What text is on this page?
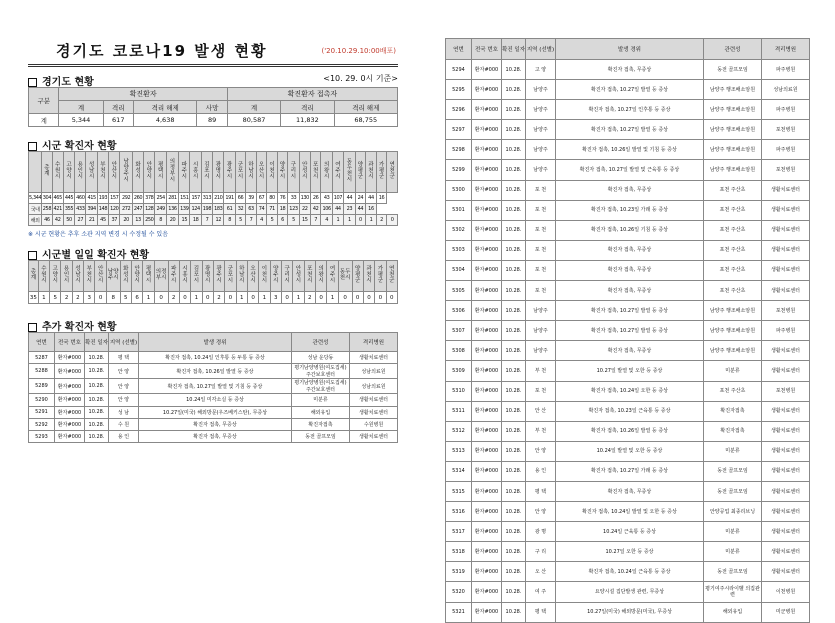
경기도 코로나19 발생 현황	('20.10.29.10:00배포)
경기도 현황	<10. 29. 0시 기준>
구분	확진환자				확진환자 접촉자		
	계	격리	격리 해제	사망	계	격리	격리 해제
계	5,344	617	4,638	89	80,587	11,832	68,755
시군 확진자 현황
	총계	수원시	고양시	용인시	성남시	부천시	안산시	남양주시	화성시	안양시	평택시	의정부시	파주시	시흥시	김포시	광명시	광주시	군포시	하남시	오산시	이천시	양주시	구리시	안성시	포천시	의왕시	여주시	동두천시	양평군	과천시	가평군	연천군
5,344	304	465	445	460	415	193	157	292	260	378	254	281	151	157	313	210	191	66	39	67	80	76	33	130	26	43	107	44	24	44	16	
국내	258	421	355	433	394	148	120	272	247	128	249	136	139	124	198	183	61	32	63	74	71	18	123	22	42	106	44	23	44	16		
해외	46	42	50	27	21	45	37	20	13	250	8	20	15	18	7	12	8	5	7	4	5	6	5	15	7	4	1	1	0	1	2	0
※ 시군 현황은 추후 소관 지역 변경 시 수정될 수 있음
시군별 일일 확진자 현황
총계	수원시	고양시	용인시	성남시	부천시	안산시	남양주시	화성시	안양시	평택시	의정부시	파주시	시흥시	김포시	광명시	광주시	군포시	하남시	오산시	이천시	양주시	구리시	안성시	포천시	의왕시	여주시	동두천시	양평군	과천시	가평군	연천군
35	1	5	2	2	3	0	8	5	6	1	0	2	0	1	0	2	0	1	0	1	3	0	1	2	0	1	0	0	0	0	0
추가 확진자 현황
연번	전국 번호	확진 일자	지역 (선별)	발생 경위	관련성	격리병원
5287	환자#000	10.28.	평 택	확진자 접촉, 10.24일 인후통 등 두통 등 증상	성남 운당동	생활치료센터
5288	환자#000	10.28.	안 양	확진자 접촉, 10.26일 발열 등 증상	평기남양병원(여도집세)주간보호센터	성남의료원
5289	환자#000	10.28.	안 양	확진자 접촉, 10.27일 발열 및 기침 등 증상	평기남양병원(여도집세)주간보호센터	성남의료원
5290	환자#000	10.28.	안 양	10.24일 미각소실 등 증상	미분류	생활치료센터
5291	환자#000	10.28.	성 남	10.27일(미국) 해외방문(우즈베키스탄), 무증상	해외유입	생활치료센터
5292	환자#000	10.28.	수 원	확진자 접촉, 무증상	확진자접촉	수원병원
5293	환자#000	10.28.	용 인	확진자 접촉, 무증상	동전 골프모임	생활치료센터
연번	전국 번호	확진 일자	지역 (선별)	발생 경위	관련성	격리병원
5294	환자#000	10.28.	고 양	확진자 접촉, 무증상	동전 골프모임	파주병원
5295	환자#000	10.28.	남양주	확진자 접촉, 10.27일 발열 등 증상	남양주 행조배소암원	성남의료원
5296	환자#000	10.28.	남양주	확진자 접촉, 10.27일 인후통 등 증상	남양주 행조배소암원	파주병원
5297	환자#000	10.28.	남양주	확진자 접촉, 10.27일 발열 등 증상	남양주 행조배소암원	포천병원
5298	환자#000	10.28.	남양주	확진자 접촉, 10.26일 발열 및 기침 등 증상	남양주 행조배소암원	파주병원
5299	환자#000	10.28.	남양주	확진자 접촉, 10.27일 발열 및 근육통 등 증상	남양주 행조배소암원	포천병원
5300	환자#000	10.28.	포 천	확진자 접촉, 무증상	포천 주산초	생활치료센터
5301	환자#000	10.28.	포 천	확진자 접촉, 10.23일 가래 등 증상	포천 주산초	생활치료센터
5302	환자#000	10.28.	포 천	확진자 접촉, 10.26일 기침 등 증상	포천 주산초	생활치료센터
5303	환자#000	10.28.	포 천	확진자 접촉, 무증상	포천 주산초	생활치료센터
5304	환자#000	10.28.	포 천	확진자 접촉, 무증상	포천 주산초	생활치료센터
5305	환자#000	10.28.	포 천	확진자 접촉, 무증상	포천 주산초	생활치료센터
5306	환자#000	10.28.	남양주	확진자 접촉, 10.27일 발열 등 증상	남양주 행조배소암원	포천병원
5307	환자#000	10.28.	남양주	확진자 접촉, 10.27일 발열 등 증상	남양주 행조배소암원	파주병원
5308	환자#000	10.28.	남양주	확진자 접촉, 무증상	남양주 행조배소암원	생활치료센터
5309	환자#000	10.28.	부 천	10.27일 발열 및 오한 등 증상	미분류	생활치료센터
5310	환자#000	10.28.	포 천	확진자 접촉, 10.24일 오한 등 증상	포천 주산초	포천병원
5311	환자#000	10.28.	안 산	확진자 접촉, 10.23일 근육통 등 증상	확진자접촉	생활치료센터
5312	환자#000	10.28.	부 천	확진자 접촉, 10.26일 발열 등 증상	확진자접촉	생활치료센터
5313	환자#000	10.28.	안 양	10.24일 발열 및 오한 등 증상	미분류	생활치료센터
5314	환자#000	10.28.	용 인	확진자 접촉, 10.27일 가래 등 증상	동전 골프모임	생활치료센터
5315	환자#000	10.28.	평 택	확진자 접촉, 무증상	동전 골프모임	생활치료센터
5316	환자#000	10.28.	안 양	확진자 접촉, 10.24일 발열 및 오한 등 증상	안양공업 최종리브닝	생활치료센터
5317	환자#000	10.28.	광 명	10.24일 근육통 등 증상	미분류	생활치료센터
5318	환자#000	10.28.	구 리	10.27일 오한 등 증상	미분류	생활치료센터
5319	환자#000	10.28.	오 산	확진자 접촉, 10.24일 근육통 등 증상	동전 골프모임	생활치료센터
5320	환자#000	10.28.	여 주	요양시설 집단발생 관련, 무증상	평기여주시라이벨 의집관련	이천병원
5321	환자#000	10.28.	평 택	10.27일(미국) 해외방문(미국), 무증상	해외유입	미군병원
